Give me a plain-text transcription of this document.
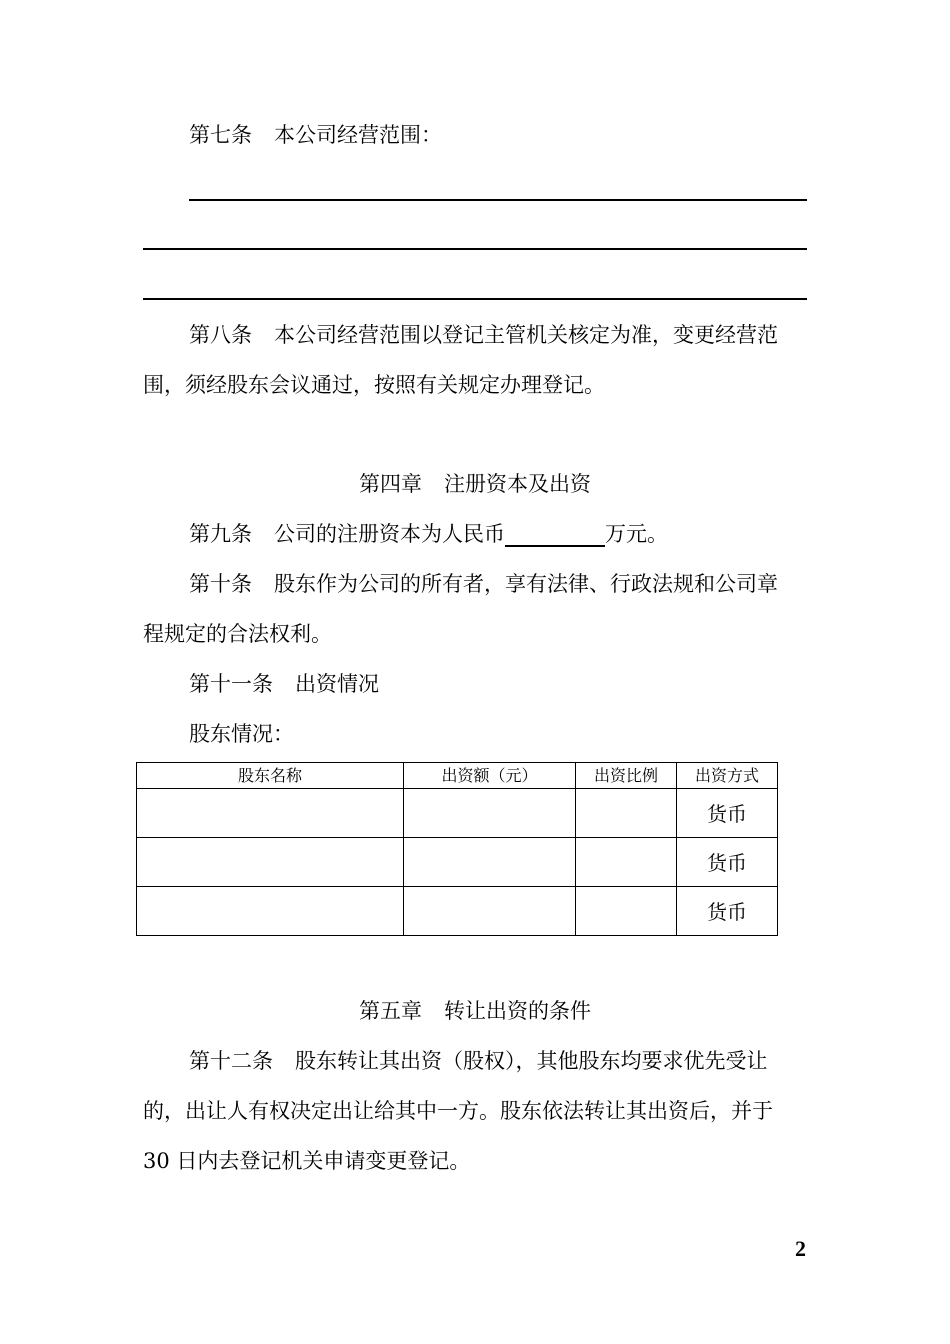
第七条 本公司经营范围：
第八条 本公司经营范围以登记主管机关核定为准，变更经营范
围，须经股东会议通过，按照有关规定办理登记。
第四章 注册资本及出资
第九条 公司的注册资本为人民币	万元。
第十条 股东作为公司的所有者，享有法律、行政法规和公司章
程规定的合法权利。
第十一条 出资情况
股东情况：
股东名称	出资额（元）	出资比例	出资方式
			货币
			货币
			货币
第五章 转让出资的条件
第十二条 股东转让其出资（股权），其他股东均要求优先受让
的，出让人有权决定出让给其中一方。股东依法转让其出资后，并于
30 日内去登记机关申请变更登记。
2
